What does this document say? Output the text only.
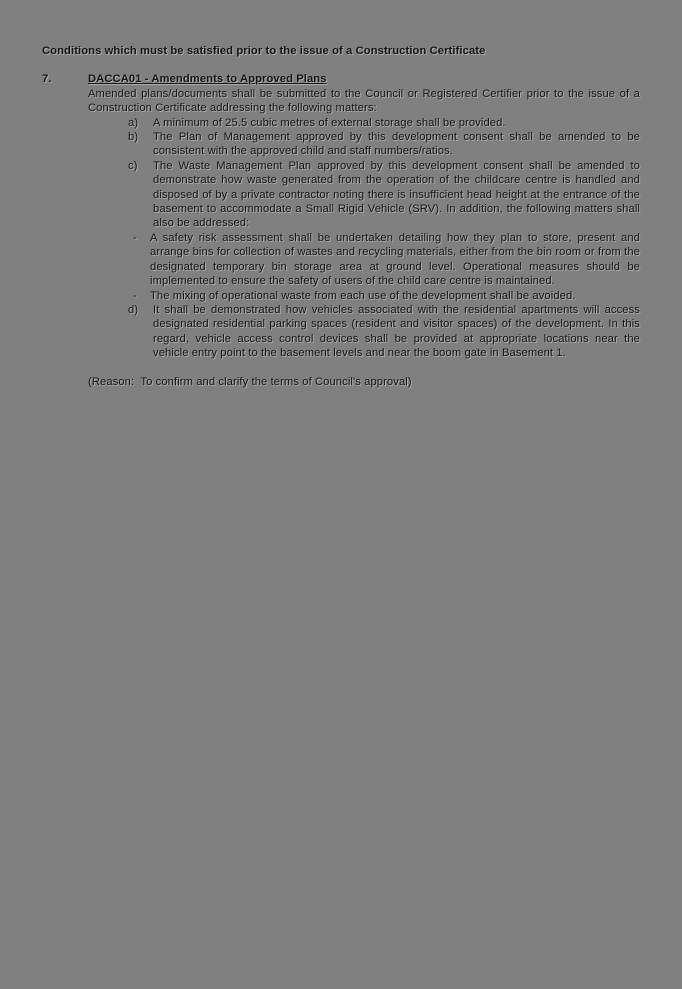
Conditions which must be satisfied prior to the issue of a Construction Certificate

7.	DACCA01 - Amendments to Approved Plans

Amended plans/documents shall be submitted to the Council or Registered Certifier prior to the issue of a Construction Certificate addressing the following matters:

a)	A minimum of 25.5 cubic metres of external storage shall be provided.
b)	The Plan of Management approved by this development consent shall be amended to be consistent with the approved child and staff numbers/ratios.
c)	The Waste Management Plan approved by this development consent shall be amended to demonstrate how waste generated from the operation of the childcare centre is handled and disposed of by a private contractor noting there is insufficient head height at the entrance of the basement to accommodate a Small Rigid Vehicle (SRV). In addition, the following matters shall also be addressed:
-	A safety risk assessment shall be undertaken detailing how they plan to store, present and arrange bins for collection of wastes and recycling materials, either from the bin room or from the designated temporary bin storage area at ground level. Operational measures should be implemented to ensure the safety of users of the child care centre is maintained.
-	The mixing of operational waste from each use of the development shall be avoided.
d)	It shall be demonstrated how vehicles associated with the residential apartments will access designated residential parking spaces (resident and visitor spaces) of the development. In this regard, vehicle access control devices shall be provided at appropriate locations near the vehicle entry point to the basement levels and near the boom gate in Basement 1.

(Reason:  To confirm and clarify the terms of Council's approval)
